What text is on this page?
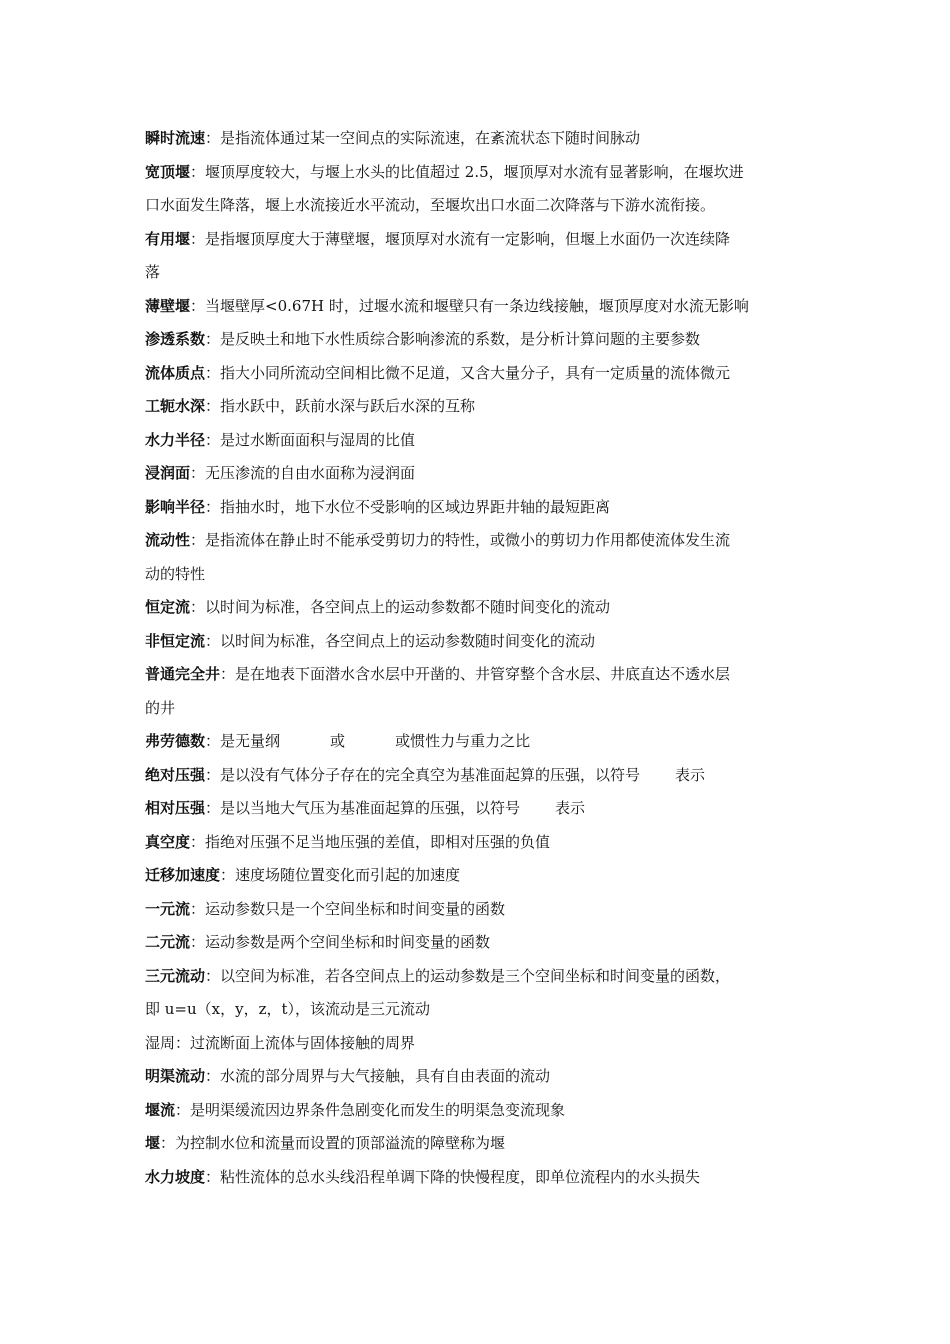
瞬时流速：是指流体通过某一空间点的实际流速，在紊流状态下随时间脉动
宽顶堰：堰顶厚度较大，与堰上水头的比值超过 2.5，堰顶厚对水流有显著影响，在堰坎进
口水面发生降落，堰上水流接近水平流动，至堰坎出口水面二次降落与下游水流衔接。
有用堰：是指堰顶厚度大于薄壁堰，堰顶厚对水流有一定影响，但堰上水面仍一次连续降
落
薄壁堰：当堰壁厚<0.67H 时，过堰水流和堰壁只有一条边线接触，堰顶厚度对水流无影响
渗透系数：是反映土和地下水性质综合影响渗流的系数，是分析计算问题的主要参数
流体质点：指大小同所流动空间相比微不足道，又含大量分子，具有一定质量的流体微元
工轭水深：指水跃中，跃前水深与跃后水深的互称
水力半径：是过水断面面积与湿周的比值
浸润面：无压渗流的自由水面称为浸润面
影响半径：指抽水时，地下水位不受影响的区域边界距井轴的最短距离
流动性：是指流体在静止时不能承受剪切力的特性，或微小的剪切力作用都使流体发生流
动的特性
恒定流：以时间为标准，各空间点上的运动参数都不随时间变化的流动
非恒定流：以时间为标准，各空间点上的运动参数随时间变化的流动
普通完全井：是在地表下面潜水含水层中开凿的、井管穿整个含水层、井底直达不透水层
的井
弗劳德数：是无量纲	或	或惯性力与重力之比
绝对压强：是以没有气体分子存在的完全真空为基准面起算的压强，以符号 表示
相对压强：是以当地大气压为基准面起算的压强，以符号 表示
真空度：指绝对压强不足当地压强的差值，即相对压强的负值
迁移加速度：速度场随位置变化而引起的加速度
一元流：运动参数只是一个空间坐标和时间变量的函数
二元流：运动参数是两个空间坐标和时间变量的函数
三元流动：以空间为标准，若各空间点上的运动参数是三个空间坐标和时间变量的函数，
即 u=u（x，y，z，t），该流动是三元流动
湿周：过流断面上流体与固体接触的周界
明渠流动：水流的部分周界与大气接触，具有自由表面的流动
堰流：是明渠缓流因边界条件急剧变化而发生的明渠急变流现象
堰：为控制水位和流量而设置的顶部溢流的障壁称为堰
水力坡度：粘性流体的总水头线沿程单调下降的快慢程度，即单位流程内的水头损失
